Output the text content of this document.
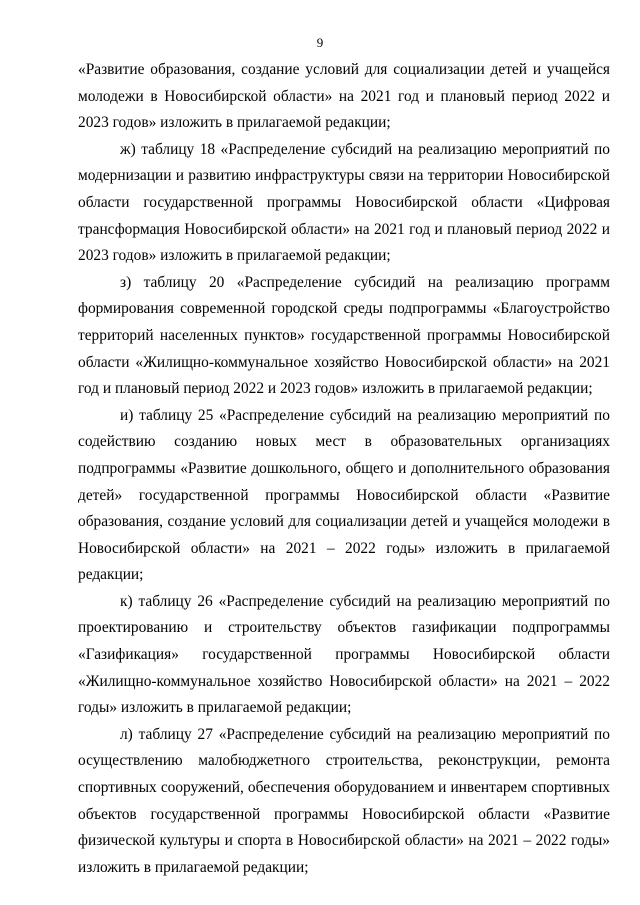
9

«Развитие образования, создание условий для социализации детей и учащейся молодежи в Новосибирской области» на 2021 год и плановый период 2022 и 2023 годов» изложить в прилагаемой редакции;

ж) таблицу 18 «Распределение субсидий на реализацию мероприятий по модернизации и развитию инфраструктуры связи на территории Новосибирской области государственной программы Новосибирской области «Цифровая трансформация Новосибирской области» на 2021 год и плановый период 2022 и 2023 годов» изложить в прилагаемой редакции;

з) таблицу 20 «Распределение субсидий на реализацию программ формирования современной городской среды подпрограммы «Благоустройство территорий населенных пунктов» государственной программы Новосибирской области «Жилищно-коммунальное хозяйство Новосибирской области» на 2021 год и плановый период 2022 и 2023 годов» изложить в прилагаемой редакции;

и) таблицу 25 «Распределение субсидий на реализацию мероприятий по содействию созданию новых мест в образовательных организациях подпрограммы «Развитие дошкольного, общего и дополнительного образования детей» государственной программы Новосибирской области «Развитие образования, создание условий для социализации детей и учащейся молодежи в Новосибирской области» на 2021 – 2022 годы» изложить в прилагаемой редакции;

к) таблицу 26 «Распределение субсидий на реализацию мероприятий по проектированию и строительству объектов газификации подпрограммы «Газификация» государственной программы Новосибирской области «Жилищно-коммунальное хозяйство Новосибирской области» на 2021 – 2022 годы» изложить в прилагаемой редакции;

л) таблицу 27 «Распределение субсидий на реализацию мероприятий по осуществлению малобюджетного строительства, реконструкции, ремонта спортивных сооружений, обеспечения оборудованием и инвентарем спортивных объектов государственной программы Новосибирской области «Развитие физической культуры и спорта в Новосибирской области» на 2021 – 2022 годы» изложить в прилагаемой редакции;
